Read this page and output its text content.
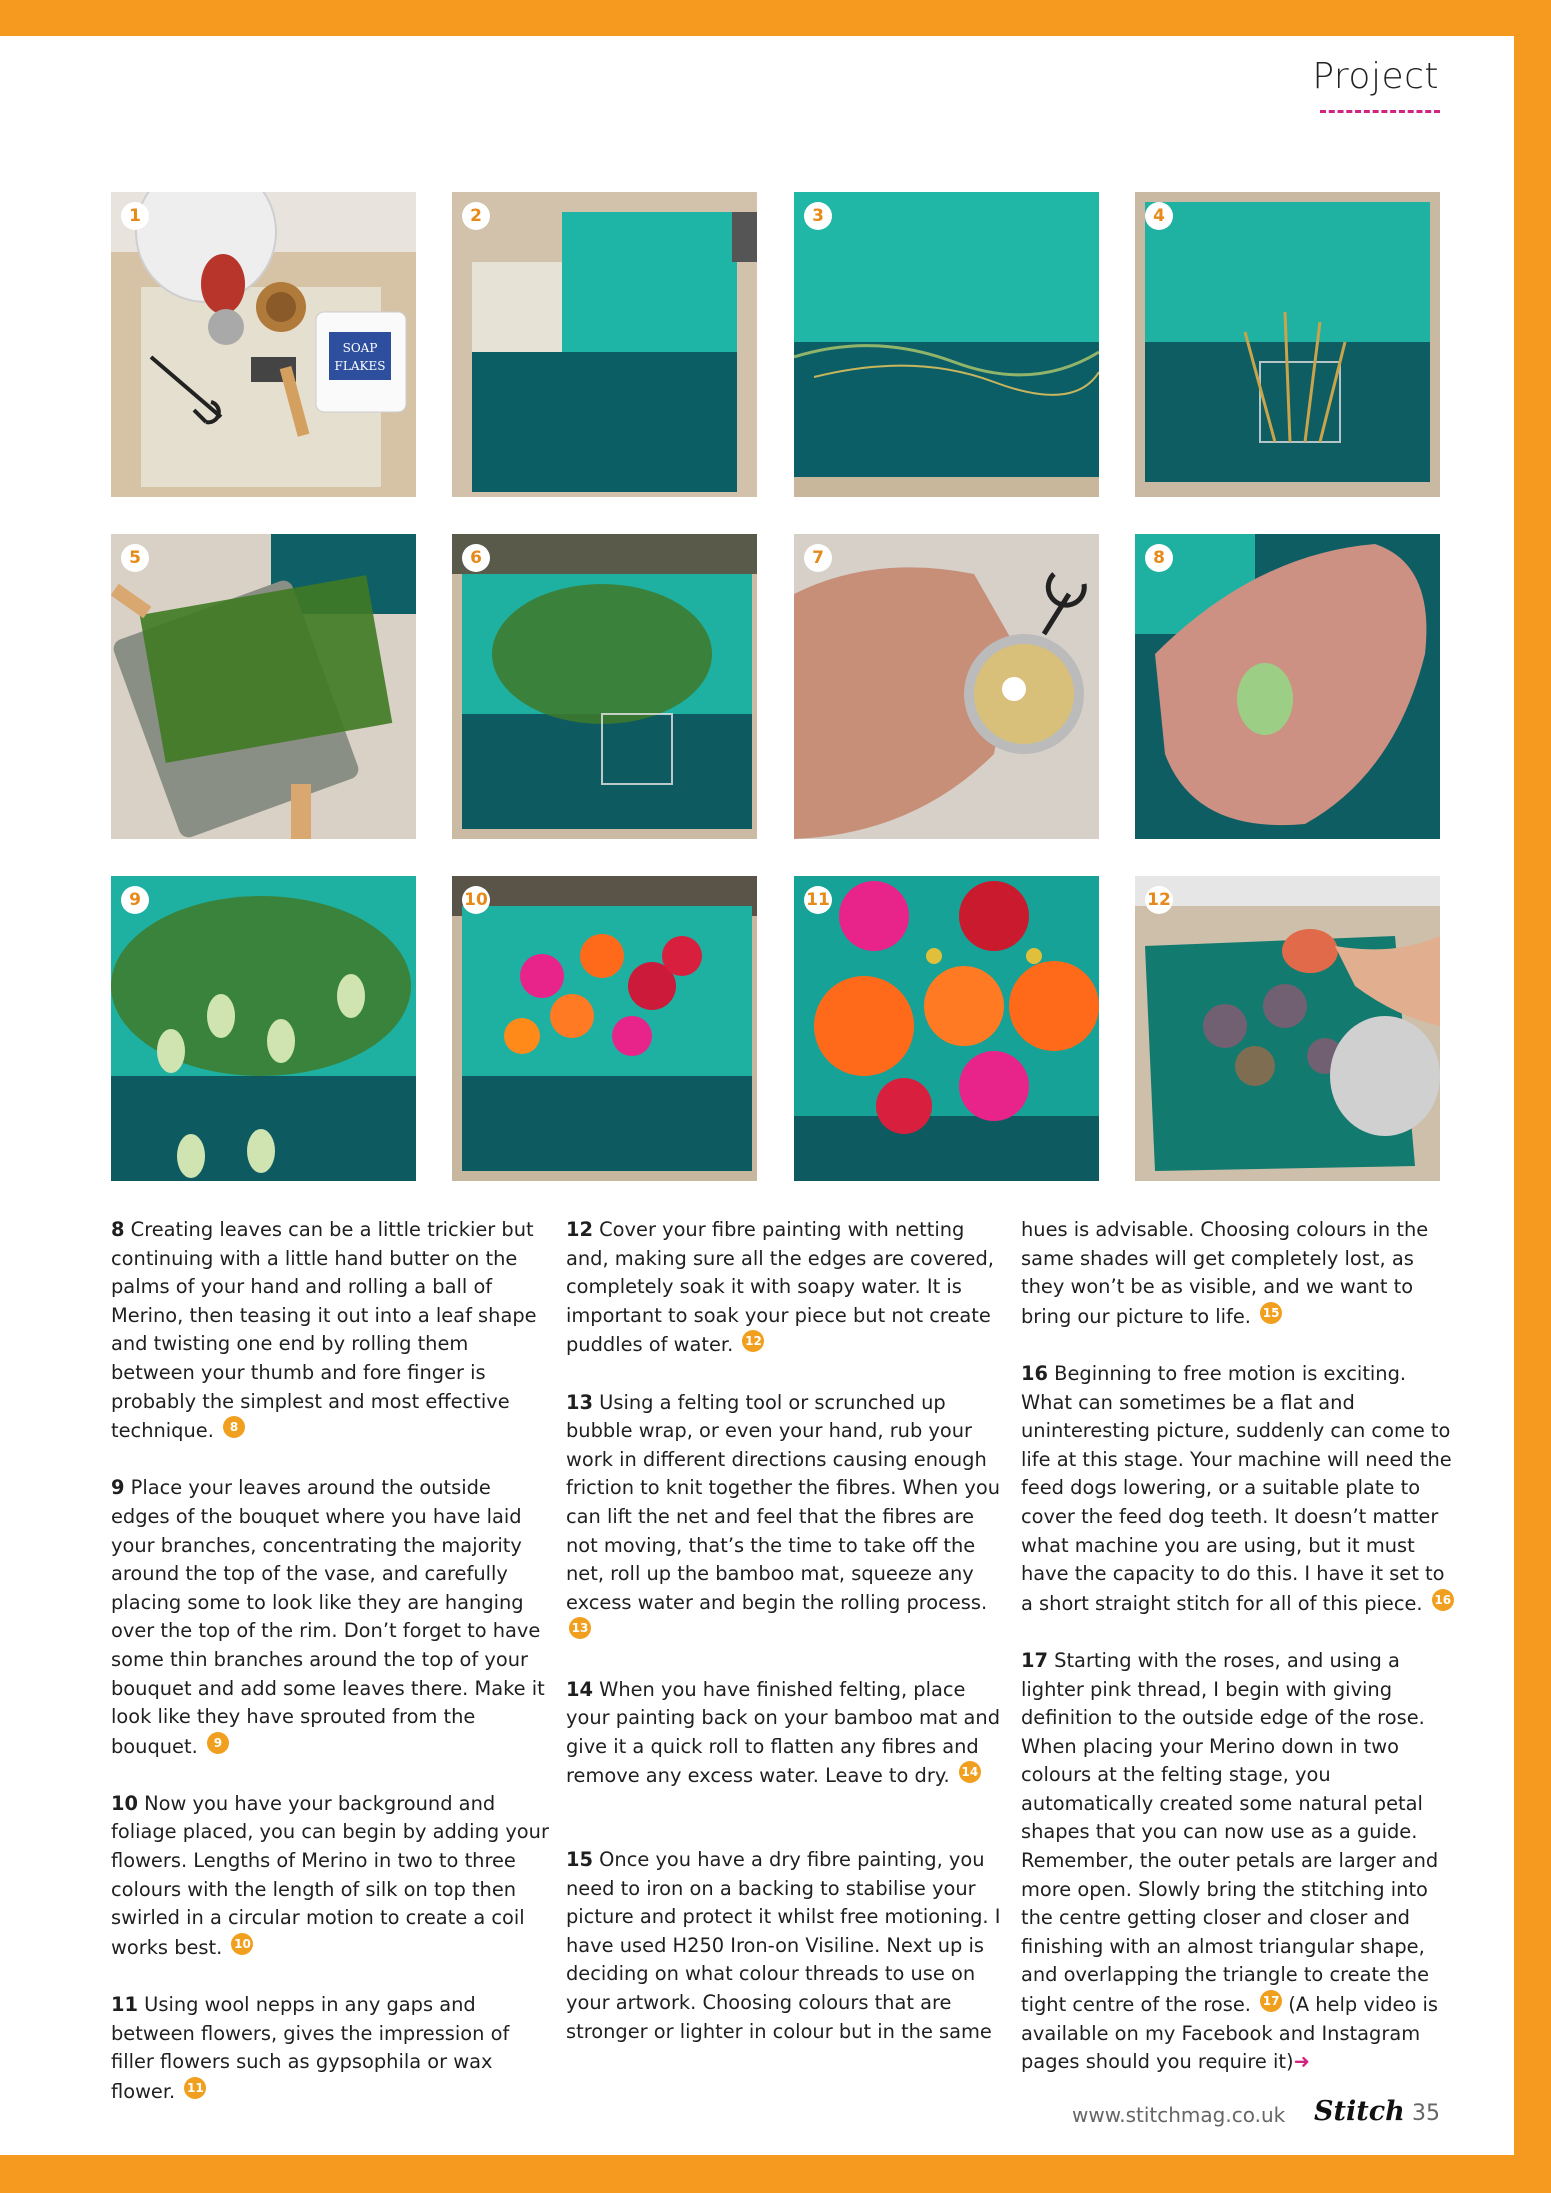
Project
SOAP
FLAKES
1	2	3	4
5	6	7	8
9	10	11	12

8 Creating leaves can be a little trickier but continuing with a little hand butter on the palms of your hand and rolling a ball of Merino, then teasing it out into a leaf shape and twisting one end by rolling them between your thumb and fore finger is probably the simplest and most effective technique. 8

9 Place your leaves around the outside edges of the bouquet where you have laid your branches, concentrating the majority around the top of the vase, and carefully placing some to look like they are hanging over the top of the rim. Don’t forget to have some thin branches around the top of your bouquet and add some leaves there. Make it look like they have sprouted from the bouquet. 9

10 Now you have your background and foliage placed, you can begin by adding your flowers. Lengths of Merino in two to three colours with the length of silk on top then swirled in a circular motion to create a coil works best. 10

11 Using wool nepps in any gaps and between flowers, gives the impression of filler flowers such as gypsophila or wax flower. 11

12 Cover your fibre painting with netting and, making sure all the edges are covered, completely soak it with soapy water. It is important to soak your piece but not create puddles of water. 12

13 Using a felting tool or scrunched up bubble wrap, or even your hand, rub your work in different directions causing enough friction to knit together the fibres. When you can lift the net and feel that the fibres are not moving, that’s the time to take off the net, roll up the bamboo mat, squeeze any excess water and begin the rolling process. 13

14 When you have finished felting, place your painting back on your bamboo mat and give it a quick roll to flatten any fibres and remove any excess water. Leave to dry. 14

15 Once you have a dry fibre painting, you need to iron on a backing to stabilise your picture and protect it whilst free motioning. I have used H250 Iron-on Visiline. Next up is deciding on what colour threads to use on your artwork. Choosing colours that are stronger or lighter in colour but in the same

hues is advisable. Choosing colours in the same shades will get completely lost, as they won’t be as visible, and we want to bring our picture to life. 15

16 Beginning to free motion is exciting. What can sometimes be a flat and uninteresting picture, suddenly can come to life at this stage. Your machine will need the feed dogs lowering, or a suitable plate to cover the feed dog teeth. It doesn’t matter what machine you are using, but it must have the capacity to do this. I have it set to a short straight stitch for all of this piece. 16

17 Starting with the roses, and using a lighter pink thread, I begin with giving definition to the outside edge of the rose. When placing your Merino down in two colours at the felting stage, you automatically created some natural petal shapes that you can now use as a guide. Remember, the outer petals are larger and more open. Slowly bring the stitching into the centre getting closer and closer and finishing with an almost triangular shape, and overlapping the triangle to create the tight centre of the rose. 17 (A help video is available on my Facebook and Instagram pages should you require it)➜

www.stitchmag.co.uk Stitch 35
